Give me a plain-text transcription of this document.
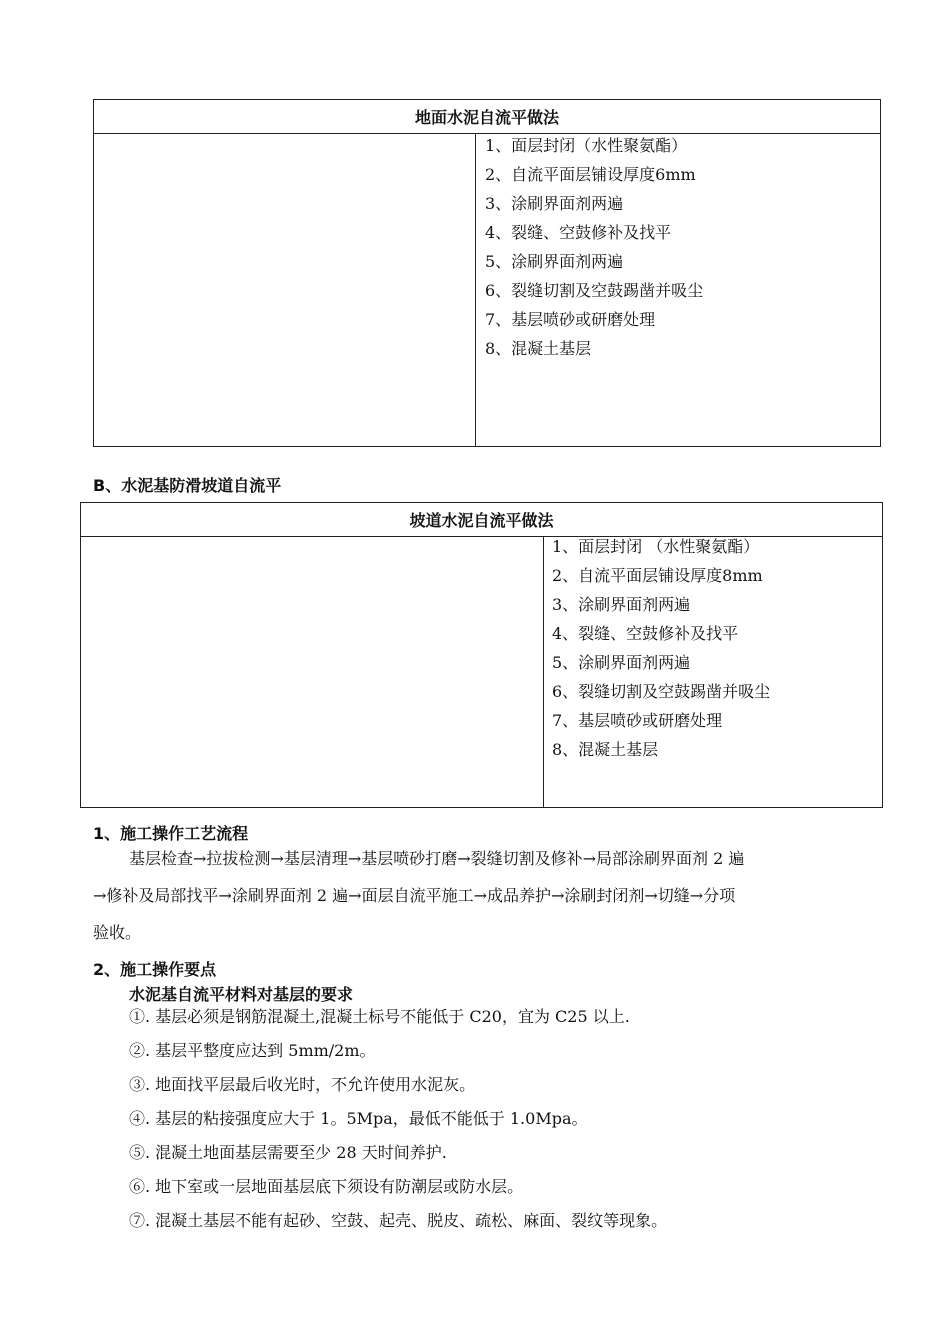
地面水泥自流平做法

1、面层封闭（水性聚氨酯）
2、自流平面层铺设厚度6mm
3、涂刷界面剂两遍
4、裂缝、空鼓修补及找平
5、涂刷界面剂两遍
6、裂缝切割及空鼓踢凿并吸尘
7、基层喷砂或研磨处理
8、混凝土基层
B、水泥基防滑坡道自流平
坡道水泥自流平做法

1、面层封闭 （水性聚氨酯）
2、自流平面层铺设厚度8mm
3、涂刷界面剂两遍
4、裂缝、空鼓修补及找平
5、涂刷界面剂两遍
6、裂缝切割及空鼓踢凿并吸尘
7、基层喷砂或研磨处理
8、混凝土基层
1、施工操作工艺流程
基层检查→拉拔检测→基层清理→基层喷砂打磨→裂缝切割及修补→局部涂刷界面剂 2 遍
→修补及局部找平→涂刷界面剂 2 遍→面层自流平施工→成品养护→涂刷封闭剂→切缝→分项
验收。
2、施工操作要点
水泥基自流平材料对基层的要求
①. 基层必须是钢筋混凝土,混凝土标号不能低于 C20，宜为 C25 以上.
②. 基层平整度应达到 5mm/2m。
③. 地面找平层最后收光时，不允许使用水泥灰。
④. 基层的粘接强度应大于 1。5Mpa，最低不能低于 1.0Mpa。
⑤. 混凝土地面基层需要至少 28 天时间养护.
⑥. 地下室或一层地面基层底下须设有防潮层或防水层。
⑦. 混凝土基层不能有起砂、空鼓、起壳、脱皮、疏松、麻面、裂纹等现象。
